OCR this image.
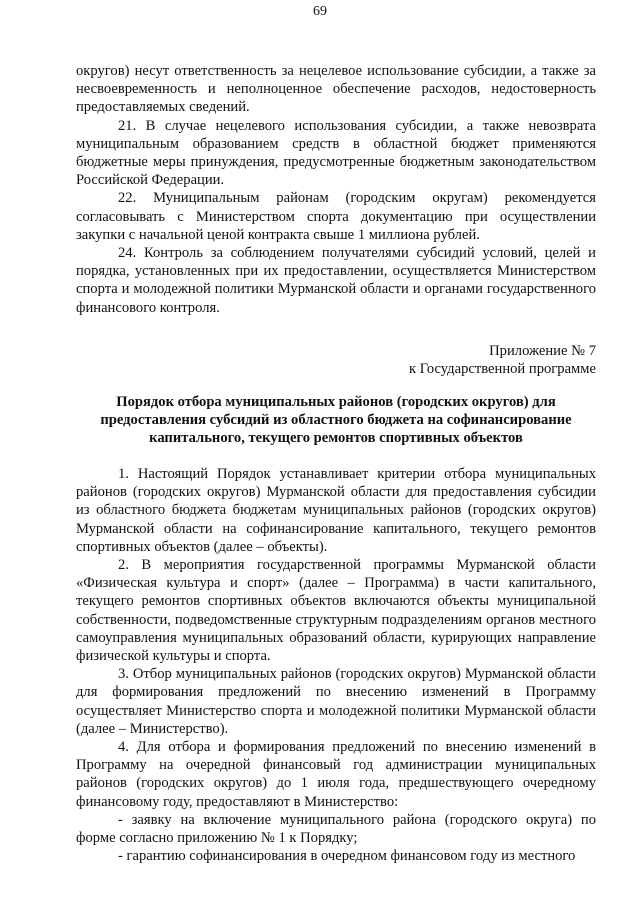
69

округов) несут ответственность за нецелевое использование субсидии, а также за несвоевременность и неполноценное обеспечение расходов, недостоверность предоставляемых сведений.

21. В случае нецелевого использования субсидии, а также невозврата муниципальным образованием средств в областной бюджет применяются бюджетные меры принуждения, предусмотренные бюджетным законодательством Российской Федерации.

22. Муниципальным районам (городским округам) рекомендуется согласовывать с Министерством спорта документацию при осуществлении закупки с начальной ценой контракта свыше 1 миллиона рублей.

24. Контроль за соблюдением получателями субсидий условий, целей и порядка, установленных при их предоставлении, осуществляется Министерством спорта и молодежной политики Мурманской области и органами государственного финансового контроля.

Приложение № 7
к Государственной программе
Порядок отбора муниципальных районов (городских округов) для
предоставления субсидий из областного бюджета на софинансирование
капитального, текущего ремонтов спортивных объектов

1. Настоящий Порядок устанавливает критерии отбора муниципальных районов (городских округов) Мурманской области для предоставления субсидии из областного бюджета бюджетам муниципальных районов (городских округов) Мурманской области на софинансирование капитального, текущего ремонтов спортивных объектов (далее – объекты).

2. В мероприятия государственной программы Мурманской области «Физическая культура и спорт» (далее – Программа) в части капитального, текущего ремонтов спортивных объектов включаются объекты муниципальной собственности, подведомственные структурным подразделениям органов местного самоуправления муниципальных образований области, курирующих направление физической культуры и спорта.

3. Отбор муниципальных районов (городских округов) Мурманской области для формирования предложений по внесению изменений в Программу осуществляет Министерство спорта и молодежной политики Мурманской области (далее – Министерство).

4. Для отбора и формирования предложений по внесению изменений в Программу на очередной финансовый год администрации муниципальных районов (городских округов) до 1 июля года, предшествующего очередному финансовому году, предоставляют в Министерство:

- заявку на включение муниципального района (городского округа) по форме согласно приложению № 1 к Порядку;

- гарантию софинансирования в очередном финансовом году из местного
